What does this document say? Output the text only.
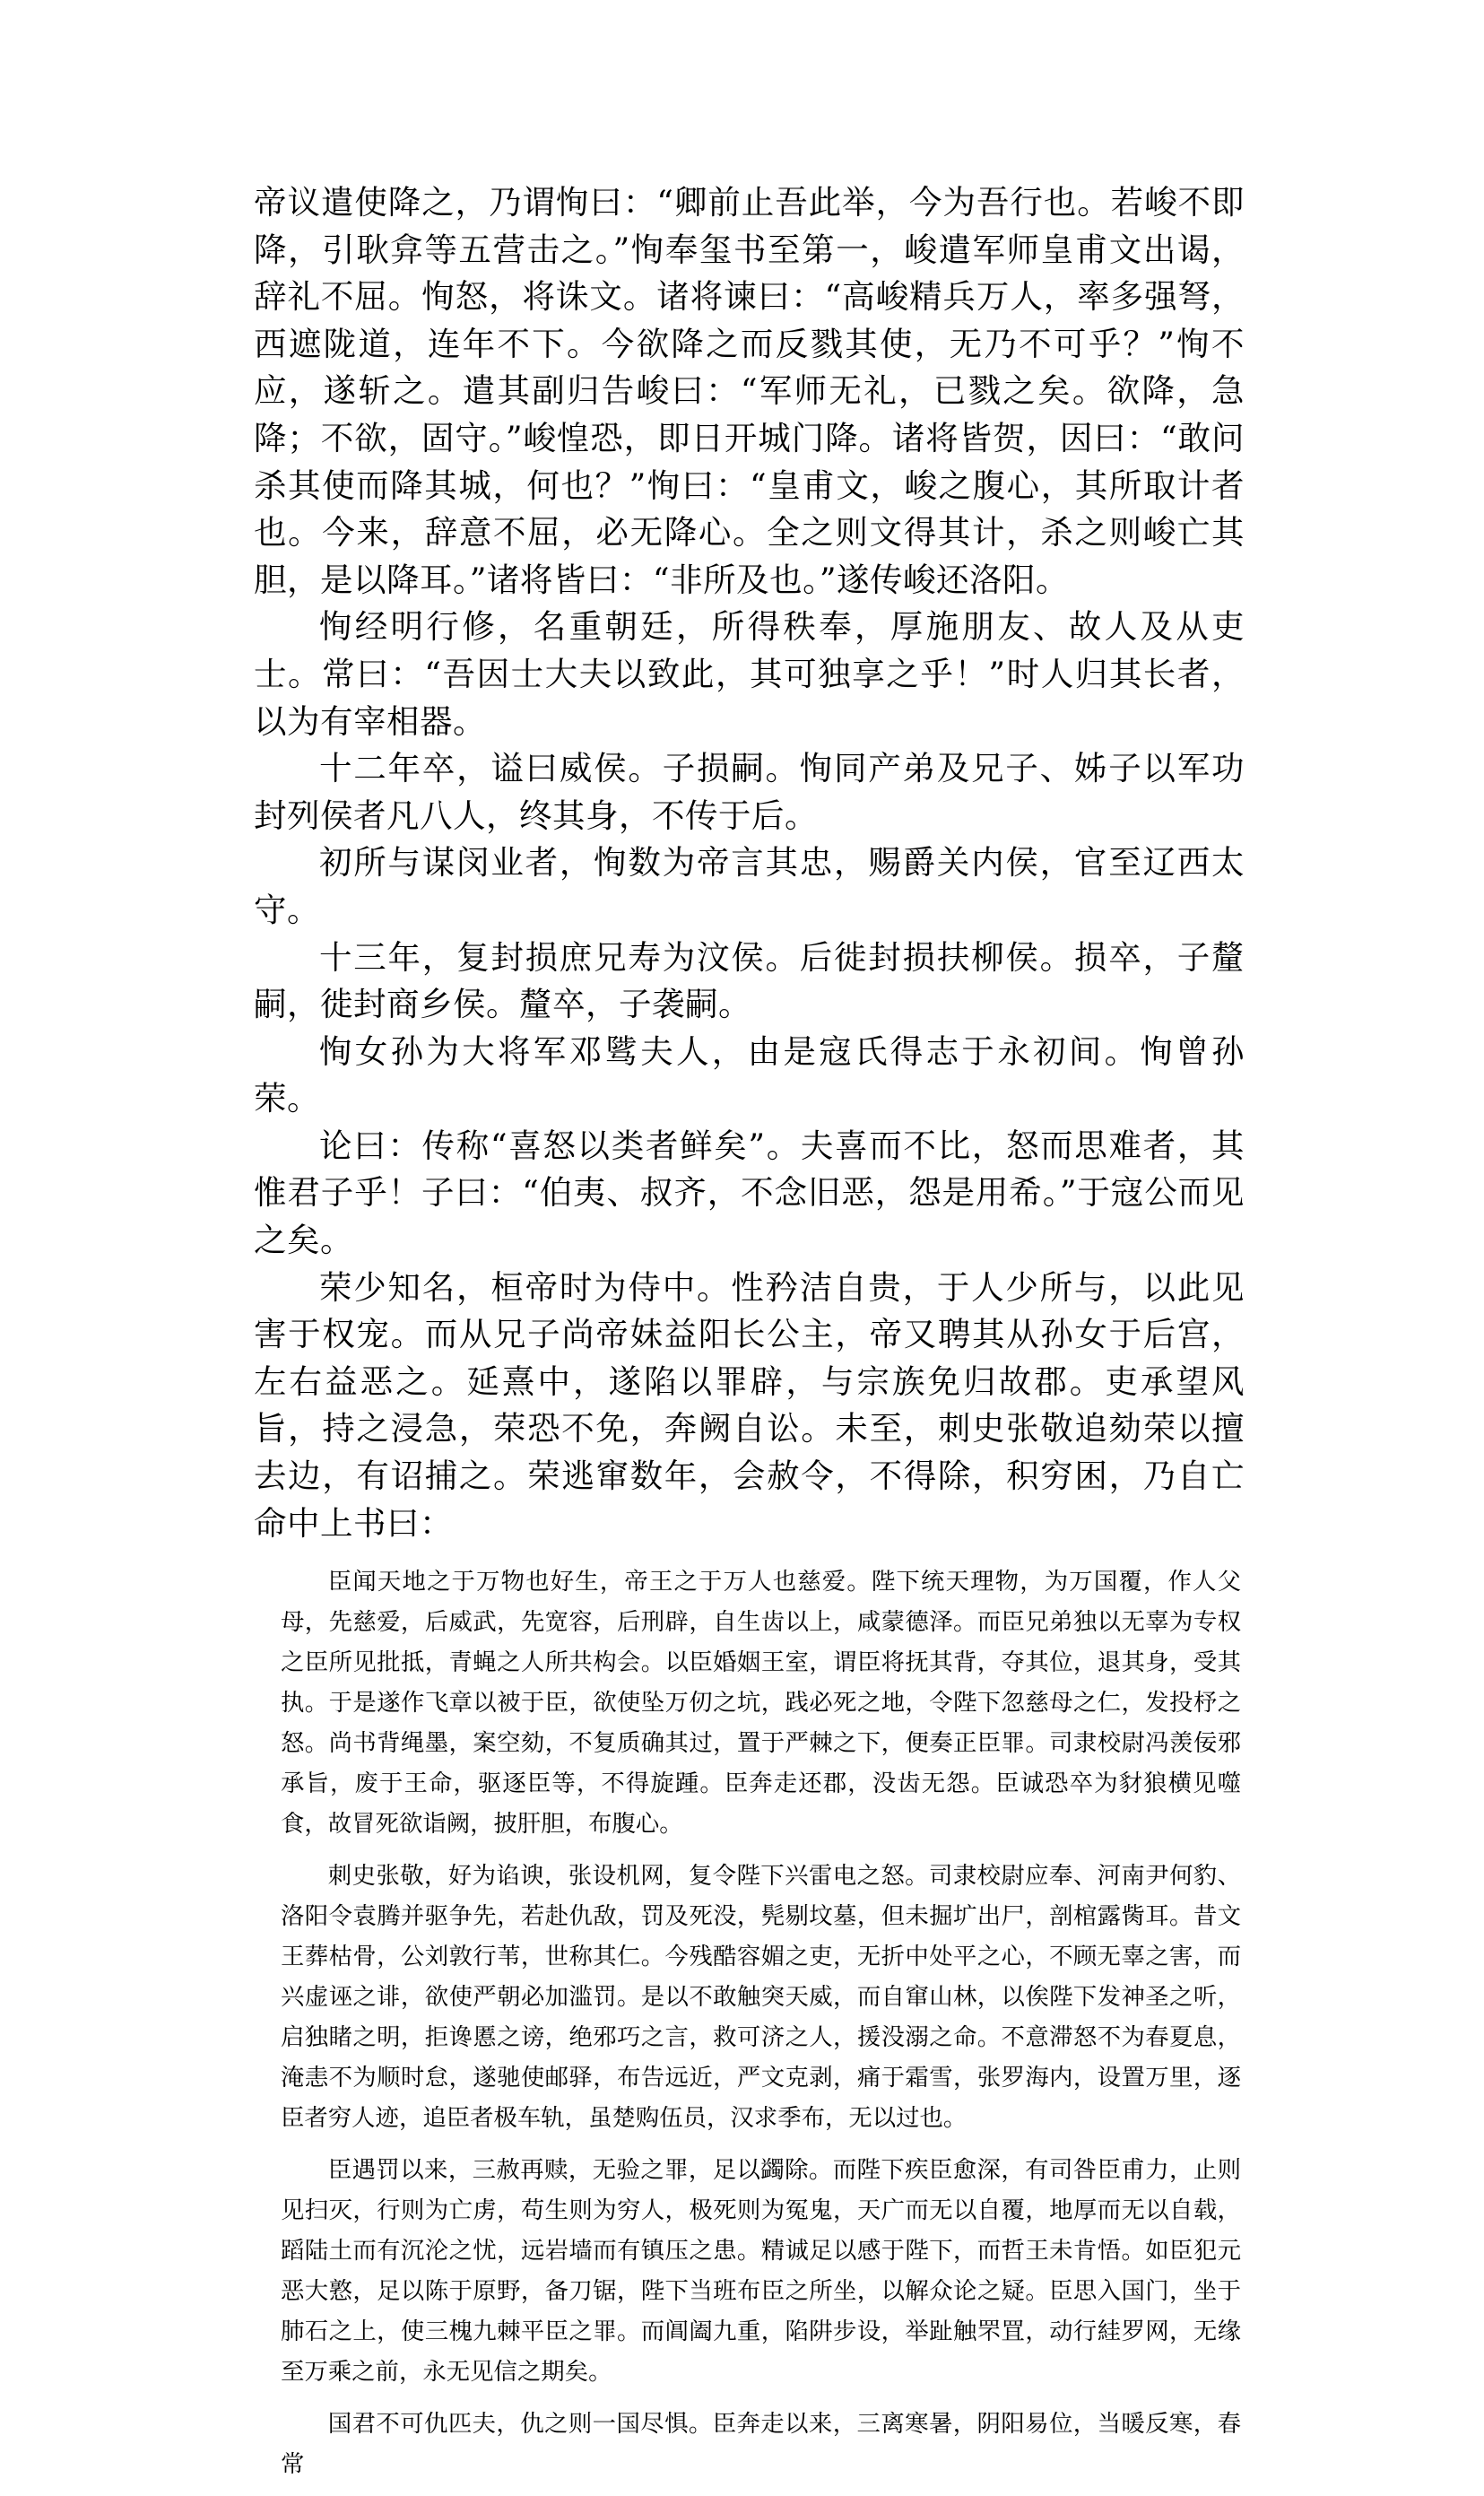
帝议遣使降之，乃谓恂曰：“卿前止吾此举，今为吾行也。若峻不即降，引耿弇等五营击之。”恂奉玺书至第一，峻遣军师皇甫文出谒，辞礼不屈。恂怒，将诛文。诸将谏曰：“高峻精兵万人，率多强弩，西遮陇道，连年不下。今欲降之而反戮其使，无乃不可乎？”恂不应，遂斩之。遣其副归告峻曰：“军师无礼，已戮之矣。欲降，急降；不欲，固守。”峻惶恐，即日开城门降。诸将皆贺，因曰：“敢问杀其使而降其城，何也？”恂曰：“皇甫文，峻之腹心，其所取计者也。今来，辞意不屈，必无降心。全之则文得其计，杀之则峻亡其胆，是以降耳。”诸将皆曰：“非所及也。”遂传峻还洛阳。

恂经明行修，名重朝廷，所得秩奉，厚施朋友、故人及从吏士。常曰：“吾因士大夫以致此，其可独享之乎！”时人归其长者，以为有宰相器。

十二年卒，谥曰威侯。子损嗣。恂同产弟及兄子、姊子以军功封列侯者凡八人，终其身，不传于后。

初所与谋闵业者，恂数为帝言其忠，赐爵关内侯，官至辽西太守。

十三年，复封损庶兄寿为汶侯。后徙封损扶柳侯。损卒，子釐嗣，徙封商乡侯。釐卒，子袭嗣。

恂女孙为大将军邓骘夫人，由是寇氏得志于永初间。恂曾孙荣。

论曰：传称“喜怒以类者鲜矣”。夫喜而不比，怒而思难者，其惟君子乎！子曰：“伯夷、叔齐，不念旧恶，怨是用希。”于寇公而见之矣。

荣少知名，桓帝时为侍中。性矜洁自贵，于人少所与，以此见害于权宠。而从兄子尚帝妹益阳长公主，帝又聘其从孙女于后宫，左右益恶之。延熹中，遂陷以罪辟，与宗族免归故郡。吏承望风旨，持之浸急，荣恐不免，奔阙自讼。未至，刺史张敬追劾荣以擅去边，有诏捕之。荣逃窜数年，会赦令，不得除，积穷困，乃自亡命中上书曰：

臣闻天地之于万物也好生，帝王之于万人也慈爱。陛下统天理物，为万国覆，作人父母，先慈爱，后威武，先宽容，后刑辟，自生齿以上，咸蒙德泽。而臣兄弟独以无辜为专权之臣所见批抵，青蝇之人所共构会。以臣婚姻王室，谓臣将抚其背，夺其位，退其身，受其执。于是遂作飞章以被于臣，欲使坠万仞之坑，践必死之地，令陛下忽慈母之仁，发投杼之怒。尚书背绳墨，案空劾，不复质确其过，置于严棘之下，便奏正臣罪。司隶校尉冯羡佞邪承旨，废于王命，驱逐臣等，不得旋踵。臣奔走还郡，没齿无怨。臣诚恐卒为豺狼横见噬食，故冒死欲诣阙，披肝胆，布腹心。

刺史张敬，好为谄谀，张设机网，复令陛下兴雷电之怒。司隶校尉应奉、河南尹何豹、洛阳令袁腾并驱争先，若赴仇敌，罚及死没，髡剔坟墓，但未掘圹出尸，剖棺露胔耳。昔文王葬枯骨，公刘敦行苇，世称其仁。今残酷容媚之吏，无折中处平之心，不顾无辜之害，而兴虚诬之诽，欲使严朝必加滥罚。是以不敢触突天威，而自窜山林，以俟陛下发神圣之听，启独睹之明，拒谗慝之谤，绝邪巧之言，救可济之人，援没溺之命。不意滞怒不为春夏息，淹恚不为顺时怠，遂驰使邮驿，布告远近，严文克剥，痛于霜雪，张罗海内，设置万里，逐臣者穷人迹，追臣者极车轨，虽楚购伍员，汉求季布，无以过也。

臣遇罚以来，三赦再赎，无验之罪，足以蠲除。而陛下疾臣愈深，有司咎臣甫力，止则见扫灭，行则为亡虏，苟生则为穷人，极死则为冤鬼，天广而无以自覆，地厚而无以自载，蹈陆土而有沉沦之忧，远岩墙而有镇压之患。精诚足以感于陛下，而哲王未肯悟。如臣犯元恶大憝，足以陈于原野，备刀锯，陛下当班布臣之所坐，以解众论之疑。臣思入国门，坐于肺石之上，使三槐九棘平臣之罪。而阊阖九重，陷阱步设，举趾触罘罝，动行絓罗网，无缘至万乘之前，永无见信之期矣。

国君不可仇匹夫，仇之则一国尽惧。臣奔走以来，三离寒暑，阴阳易位，当暖反寒，春常
